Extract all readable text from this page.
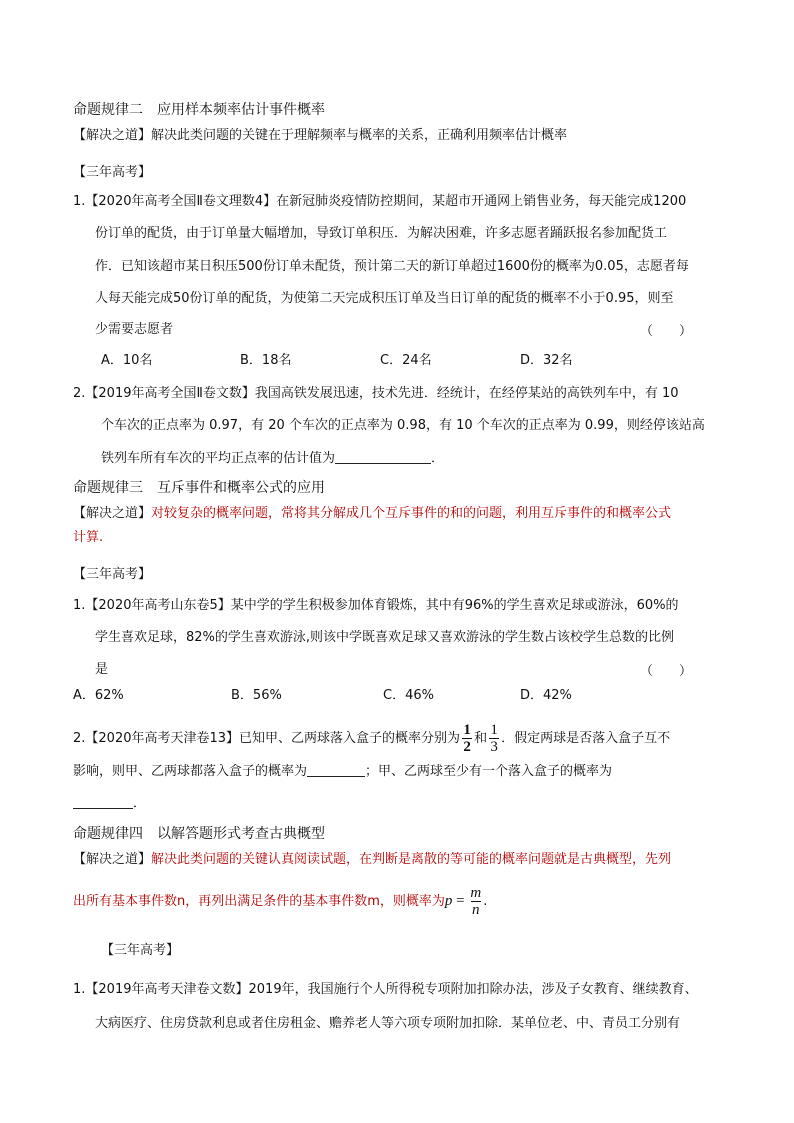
命题规律二　应用样本频率估计事件概率
【解决之道】解决此类问题的关键在于理解频率与概率的关系，正确利用频率估计概率
【三年高考】
1.【2020年高考全国Ⅱ卷文理数4】在新冠肺炎疫情防控期间，某超市开通网上销售业务，每天能完成1200
份订单的配货，由于订单量大幅增加，导致订单积压．为解决困难，许多志愿者踊跃报名参加配货工
作．已知该超市某日积压500份订单未配货，预计第二天的新订单超过1600份的概率为0.05，志愿者每
人每天能完成50份订单的配货，为使第二天完成积压订单及当日订单的配货的概率不小于0.95，则至
少需要志愿者	（　　）
A．10名	B．18名	C．24名	D．32名
2.【2019年高考全国Ⅱ卷文数】我国高铁发展迅速，技术先进．经统计，在经停某站的高铁列车中，有 10
个车次的正点率为 0.97，有 20 个车次的正点率为 0.98，有 10 个车次的正点率为 0.99，则经停该站高
铁列车所有车次的平均正点率的估计值为	．
命题规律三　互斥事件和概率公式的应用
【解决之道】对较复杂的概率问题，常将其分解成几个互斥事件的和的问题，利用互斥事件的和概率公式
计算.
【三年高考】
1.【2020年高考山东卷5】某中学的学生积极参加体育锻炼，其中有96%的学生喜欢足球或游泳，60%的
学生喜欢足球，82%的学生喜欢游泳,则该中学既喜欢足球又喜欢游泳的学生数占该校学生总数的比例
是	（　　）
A．62%	B．56%	C．46%	D．42%
2.【2020年高考天津卷13】已知甲、乙两球落入盒子的概率分别为 $\frac{1}{2}$ 和 $\frac{1}{3}$ ．假定两球是否落入盒子互不
影响，则甲、乙两球都落入盒子的概率为	；甲、乙两球至少有一个落入盒子的概率为
．
命题规律四　以解答题形式考查古典概型
【解决之道】解决此类问题的关键认真阅读试题，在判断是离散的等可能的概率问题就是古典概型，先列
出所有基本事件数n，再列出满足条件的基本事件数m，则概率为$p = \frac{m}{n}$ .
【三年高考】
1.【2019年高考天津卷文数】2019年，我国施行个人所得税专项附加扣除办法，涉及子女教育、继续教育、
大病医疗、住房贷款利息或者住房租金、赡养老人等六项专项附加扣除．某单位老、中、青员工分别有
